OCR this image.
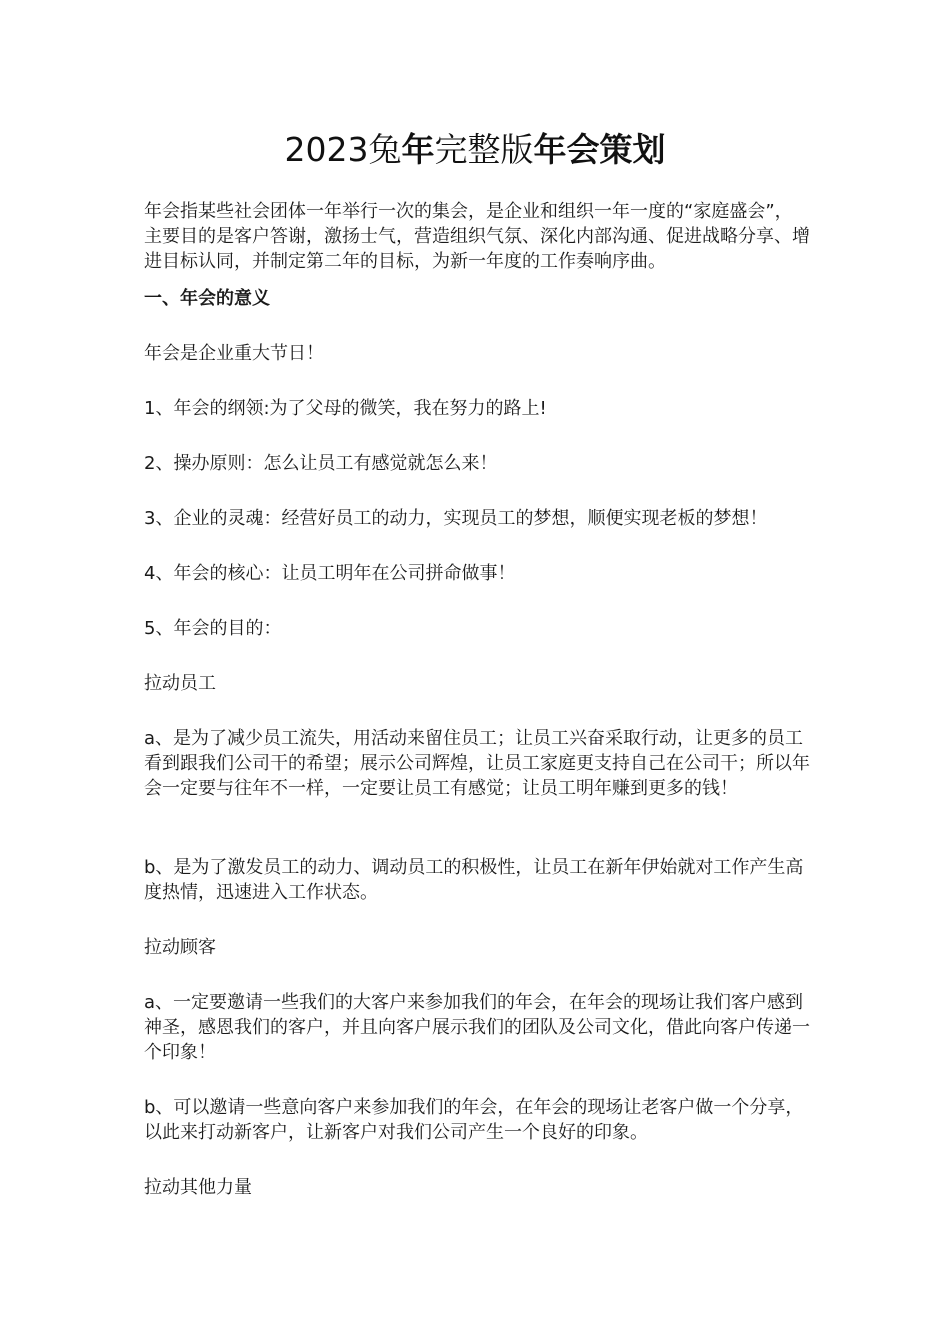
2023兔年完整版年会策划

年会指某些社会团体一年举行一次的集会，是企业和组织一年一度的“家庭盛会”，主要目的是客户答谢，激扬士气，营造组织气氛、深化内部沟通、促进战略分享、增进目标认同，并制定第二年的目标，为新一年度的工作奏响序曲。

一、年会的意义

年会是企业重大节日！

1、年会的纲领:为了父母的微笑，我在努力的路上!

2、操办原则：怎么让员工有感觉就怎么来！

3、企业的灵魂：经营好员工的动力，实现员工的梦想，顺便实现老板的梦想！

4、年会的核心：让员工明年在公司拼命做事！

5、年会的目的：

拉动员工

a、是为了减少员工流失，用活动来留住员工；让员工兴奋采取行动，让更多的员工看到跟我们公司干的希望；展示公司辉煌，让员工家庭更支持自己在公司干；所以年会一定要与往年不一样，一定要让员工有感觉；让员工明年赚到更多的钱！

b、是为了激发员工的动力、调动员工的积极性，让员工在新年伊始就对工作产生高度热情，迅速进入工作状态。

拉动顾客

a、一定要邀请一些我们的大客户来参加我们的年会，在年会的现场让我们客户感到神圣，感恩我们的客户，并且向客户展示我们的团队及公司文化，借此向客户传递一个印象！

b、可以邀请一些意向客户来参加我们的年会，在年会的现场让老客户做一个分享，以此来打动新客户，让新客户对我们公司产生一个良好的印象。

拉动其他力量
